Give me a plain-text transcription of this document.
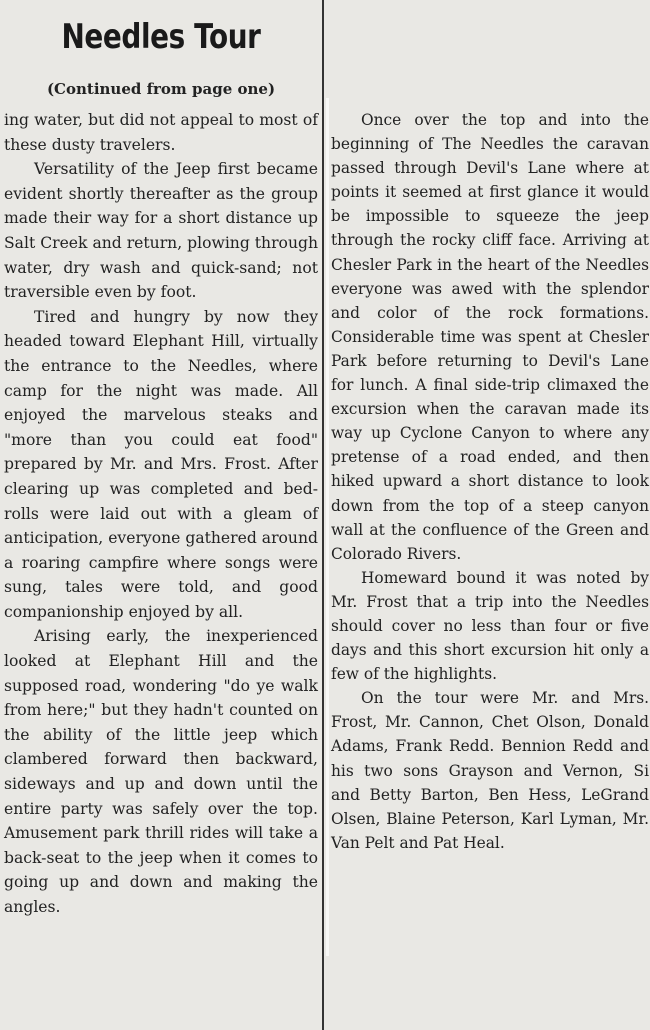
Needles Tour
(Continued from page one)

ing water, but did not appeal to most of these dusty travelers.

Versatility of the Jeep first became evident shortly thereafter as the group made their way for a short distance up Salt Creek and return, plowing through water, dry wash and quick-sand; not traversible even by foot.

Tired and hungry by now they headed toward Elephant Hill, virtually the entrance to the Needles, where camp for the night was made. All enjoyed the marvelous steaks and "more than you could eat food" prepared by Mr. and Mrs. Frost. After clearing up was completed and bed-rolls were laid out with a gleam of anticipation, everyone gathered around a roaring campfire where songs were sung, tales were told, and good companionship enjoyed by all.

Arising early, the inexperienced looked at Elephant Hill and the supposed road, wondering "do ye walk from here;" but they hadn't counted on the ability of the little jeep which clambered forward then backward, sideways and up and down until the entire party was safely over the top. Amusement park thrill rides will take a back-seat to the jeep when it comes to going up and down and making the angles.

Once over the top and into the beginning of The Needles the caravan passed through Devil's Lane where at points it seemed at first glance it would be impossible to squeeze the jeep through the rocky cliff face. Arriving at Chesler Park in the heart of the Needles everyone was awed with the splendor and color of the rock formations. Considerable time was spent at Chesler Park before returning to Devil's Lane for lunch. A final side-trip climaxed the excursion when the caravan made its way up Cyclone Canyon to where any pretense of a road ended, and then hiked upward a short distance to look down from the top of a steep canyon wall at the confluence of the Green and Colorado Rivers.

Homeward bound it was noted by Mr. Frost that a trip into the Needles should cover no less than four or five days and this short excursion hit only a few of the highlights.

On the tour were Mr. and Mrs. Frost, Mr. Cannon, Chet Olson, Donald Adams, Frank Redd. Bennion Redd and his two sons Grayson and Vernon, Si and Betty Barton, Ben Hess, LeGrand Olsen, Blaine Peterson, Karl Lyman, Mr. Van Pelt and Pat Heal.
